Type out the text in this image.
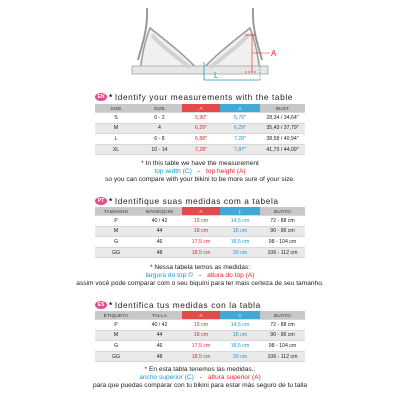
A
L
EN * Identify your measurements with the table
SIZE	SIZE	A	A	BUST
S	0 - 2	5,90"	5,70"	28,34 / 34,64"
M	4	6,29"	6,29"	35,43 / 37,79"
L	6 - 8	6,88"	7,28"	38,58 / 40,94"
XL	10 - 14	7,28"	7,87"	41,73 / 44,09"
* In this table we have the measurement
top width (C) - top height (A)
so you can compare with your bikini to be more sure of your size.
PT * Identifique suas medidas com a tabela
TAMANHO	MANEQUIM	A	L	BUSTO
P	40 / 42	15 cm	14,5 cm	72 - 88 cm
M	44	16 cm	16 cm	90 - 96 cm
G	46	17,5 cm	18,5 cm	98 - 104 cm
GG	48	18,5 cm	20 cm	106 - 112 cm
* Nessa tabela temos as medidas:
largura do top © - altura do top (A)
assim você pode comparar com o seu biquíni para ter mais certeza de seu tamanho.
ES * Identifica tus medidas con la tabla
ETIQUETA	TALLA	A	A	BUSTO
P	40 / 42	15 cm	14,5 cm	72 - 88 cm
M	44	16 cm	16 cm	90 - 96 cm
G	46	17,5 cm	18,5 cm	98 - 104 cm
GG	48	18,5 cm	20 cm	106 - 112 cm
* En esta tabla tenemos las medidas.:
ancho superior (C) - altura superior (A)
para que puedas comparar con tu bikini para estar más seguro de tu talla
